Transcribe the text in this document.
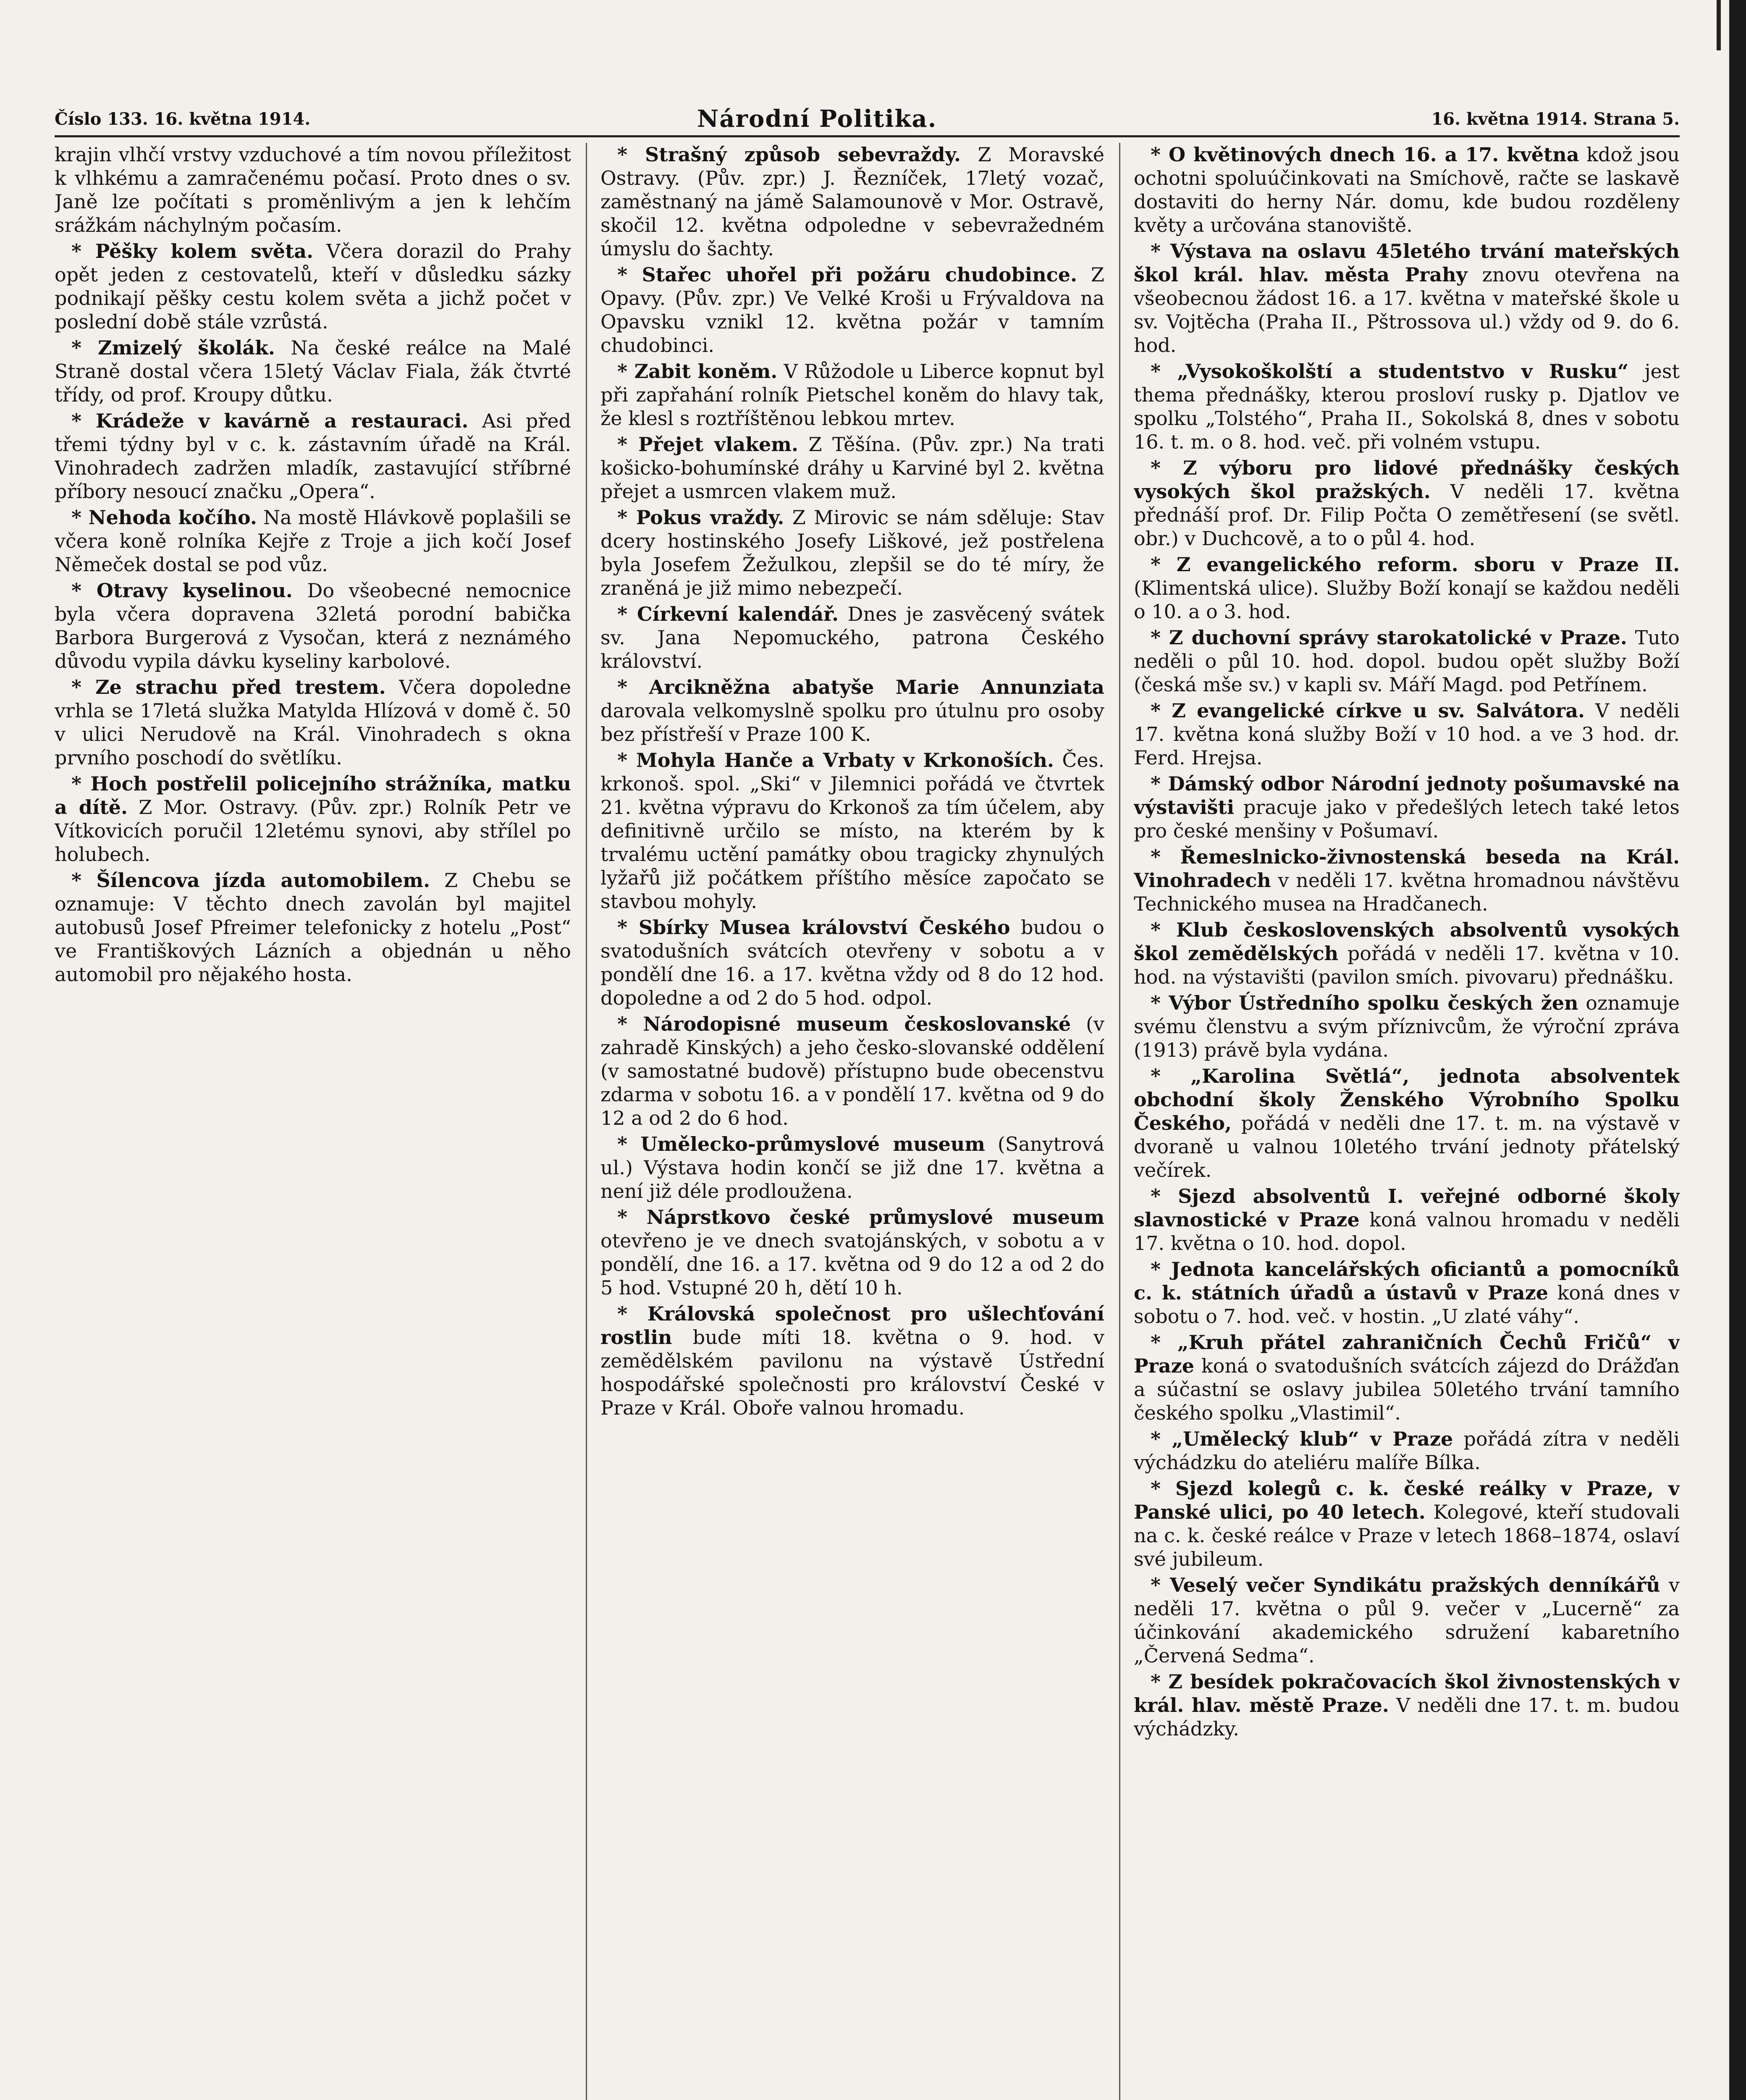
Číslo 133. 16. května 1914.	Národní Politika.	16. května 1914. Strana 5.

krajin vlhčí vrstvy vzduchové a tím novou příležitost k vlhkému a zamračenému počasí. Proto dnes o sv. Janě lze počítati s proměnlivým a jen k lehčím srážkám náchylným počasím.

* Pěšky kolem světa. Včera dorazil do Prahy opět jeden z cestovatelů, kteří v důsledku sázky podnikají pěšky cestu kolem světa a jichž počet v poslední době stále vzrůstá.

* Zmizelý školák. Na české reálce na Malé Straně dostal včera 15letý Václav Fiala, žák čtvrté třídy, od prof. Kroupy důtku.

* Krádeže v kavárně a restauraci. Asi před třemi týdny byl v c. k. zástavním úřadě na Král. Vinohradech zadržen mladík, zastavující stříbrné příbory nesoucí značku „Opera“.

* Nehoda kočího. Na mostě Hlávkově poplašili se včera koně rolníka Kejře z Troje a jich kočí Josef Němeček dostal se pod vůz.

* Otravy kyselinou. Do všeobecné nemocnice byla včera dopravena 32letá porodní babička Barbora Burgerová z Vysočan, která z neznámého důvodu vypila dávku kyseliny karbolové.

* Ze strachu před trestem. Včera dopoledne vrhla se 17letá služka Matylda Hlízová v domě č. 50 v ulici Nerudově na Král. Vinohradech s okna prvního poschodí do světlíku.

* Hoch postřelil policejního strážníka, matku a dítě. Z Mor. Ostravy. (Pův. zpr.) Rolník Petr ve Vítkovicích poručil 12letému synovi, aby střílel po holubech.

* Šílencova jízda automobilem. Z Chebu se oznamuje: V těchto dnech zavolán byl majitel autobusů Josef Pfreimer telefonicky z hotelu „Post“ ve Františkových Lázních a objednán u něho automobil pro nějakého hosta.

* Strašný způsob sebevraždy. Z Moravské Ostravy. (Pův. zpr.) J. Řezníček, 17letý vozač, zaměstnaný na jámě Salamounově v Mor. Ostravě, skočil 12. května odpoledne v sebevražedném úmyslu do šachty.

* Stařec uhořel při požáru chudobince. Z Opavy. (Pův. zpr.) Ve Velké Kroši u Frývaldova na Opavsku vznikl 12. května požár v tamním chudobinci.

* Zabit koněm. V Růžodole u Liberce kopnut byl při zapřahání rolník Pietschel koněm do hlavy tak, že klesl s roztříštěnou lebkou mrtev.

* Přejet vlakem. Z Těšína. (Pův. zpr.) Na trati košicko-bohumínské dráhy u Karviné byl 2. května přejet a usmrcen vlakem muž.

* Pokus vraždy. Z Mirovic se nám sděluje: Stav dcery hostinského Josefy Liškové, jež postřelena byla Josefem Žežulkou, zlepšil se do té míry, že zraněná je již mimo nebezpečí.

* Církevní kalendář. Dnes je zasvěcený svátek sv. Jana Nepomuckého, patrona Českého království.

* Arcikněžna abatyše Marie Annunziata darovala velkomyslně spolku pro útulnu pro osoby bez přístřeší v Praze 100 K.

* Mohyla Hanče a Vrbaty v Krkonoších. Čes. krkonoš. spol. „Ski“ v Jilemnici pořádá ve čtvrtek 21. května výpravu do Krkonoš za tím účelem, aby definitivně určilo se místo, na kterém by k trvalému uctění památky obou tragicky zhynulých lyžařů již počátkem příštího měsíce započato se stavbou mohyly.

* Sbírky Musea království Českého budou o svatodušních svátcích otevřeny v sobotu a v pondělí dne 16. a 17. května vždy od 8 do 12 hod. dopoledne a od 2 do 5 hod. odpol.

* Národopisné museum českoslovanské (v zahradě Kinských) a jeho česko-slovanské oddělení (v samostatné budově) přístupno bude obecenstvu zdarma v sobotu 16. a v pondělí 17. května od 9 do 12 a od 2 do 6 hod.

* Umělecko-průmyslové museum (Sanytrová ul.) Výstava hodin končí se již dne 17. května a není již déle prodloužena.

* Náprstkovo české průmyslové museum otevřeno je ve dnech svatojánských, v sobotu a v pondělí, dne 16. a 17. května od 9 do 12 a od 2 do 5 hod. Vstupné 20 h, dětí 10 h.

* Královská společnost pro ušlechťování rostlin bude míti 18. května o 9. hod. v zemědělském pavilonu na výstavě Ústřední hospodářské společnosti pro království České v Praze v Král. Oboře valnou hromadu.

* O květinových dnech 16. a 17. května kdož jsou ochotni spoluúčinkovati na Smíchově, račte se laskavě dostaviti do herny Nár. domu, kde budou rozděleny květy a určována stanoviště.

* Výstava na oslavu 45letého trvání mateřských škol král. hlav. města Prahy znovu otevřena na všeobecnou žádost 16. a 17. května v mateřské škole u sv. Vojtěcha (Praha II., Pštrossova ul.) vždy od 9. do 6. hod.

* „Vysokoškolští a studentstvo v Rusku“ jest thema přednášky, kterou prosloví rusky p. Djatlov ve spolku „Tolstého“, Praha II., Sokolská 8, dnes v sobotu 16. t. m. o 8. hod. več. při volném vstupu.

* Z výboru pro lidové přednášky českých vysokých škol pražských. V neděli 17. května přednáší prof. Dr. Filip Počta O zemětřesení (se světl. obr.) v Duchcově, a to o půl 4. hod.

* Z evangelického reform. sboru v Praze II. (Klimentská ulice). Služby Boží konají se každou neděli o 10. a o 3. hod.

* Z duchovní správy starokatolické v Praze. Tuto neděli o půl 10. hod. dopol. budou opět služby Boží (česká mše sv.) v kapli sv. Máří Magd. pod Petřínem.

* Z evangelické církve u sv. Salvátora. V neděli 17. května koná služby Boží v 10 hod. a ve 3 hod. dr. Ferd. Hrejsa.

* Dámský odbor Národní jednoty pošumavské na výstavišti pracuje jako v předešlých letech také letos pro české menšiny v Pošumaví.

* Řemeslnicko-živnostenská beseda na Král. Vinohradech v neděli 17. května hromadnou návštěvu Technického musea na Hradčanech.

* Klub československých absolventů vysokých škol zemědělských pořádá v neděli 17. května v 10. hod. na výstavišti (pavilon smích. pivovaru) přednášku.

* Výbor Ústředního spolku českých žen oznamuje svému členstvu a svým příznivcům, že výroční zpráva (1913) právě byla vydána.

* „Karolina Světlá“, jednota absolventek obchodní školy Ženského Výrobního Spolku Českého, pořádá v neděli dne 17. t. m. na výstavě v dvoraně u valnou 10letého trvání jednoty přátelský večírek.

* Sjezd absolventů I. veřejné odborné školy slavnostické v Praze koná valnou hromadu v neděli 17. května o 10. hod. dopol.

* Jednota kancelářských oficiantů a pomocníků c. k. státních úřadů a ústavů v Praze koná dnes v sobotu o 7. hod. več. v hostin. „U zlaté váhy“.

* „Kruh přátel zahraničních Čechů Fričů“ v Praze koná o svatodušních svátcích zájezd do Drážďan a súčastní se oslavy jubilea 50letého trvání tamního českého spolku „Vlastimil“.

* „Umělecký klub“ v Praze pořádá zítra v neděli výchádzku do ateliéru malíře Bílka.

* Sjezd kolegů c. k. české reálky v Praze, v Panské ulici, po 40 letech. Kolegové, kteří studovali na c. k. české reálce v Praze v letech 1868–1874, oslaví své jubileum.

* Veselý večer Syndikátu pražských denníkářů v neděli 17. května o půl 9. večer v „Lucerně“ za účinkování akademického sdružení kabaretního „Červená Sedma“.

* Z besídek pokračovacích škol živnostenských v král. hlav. městě Praze. V neděli dne 17. t. m. budou výchádzky.
